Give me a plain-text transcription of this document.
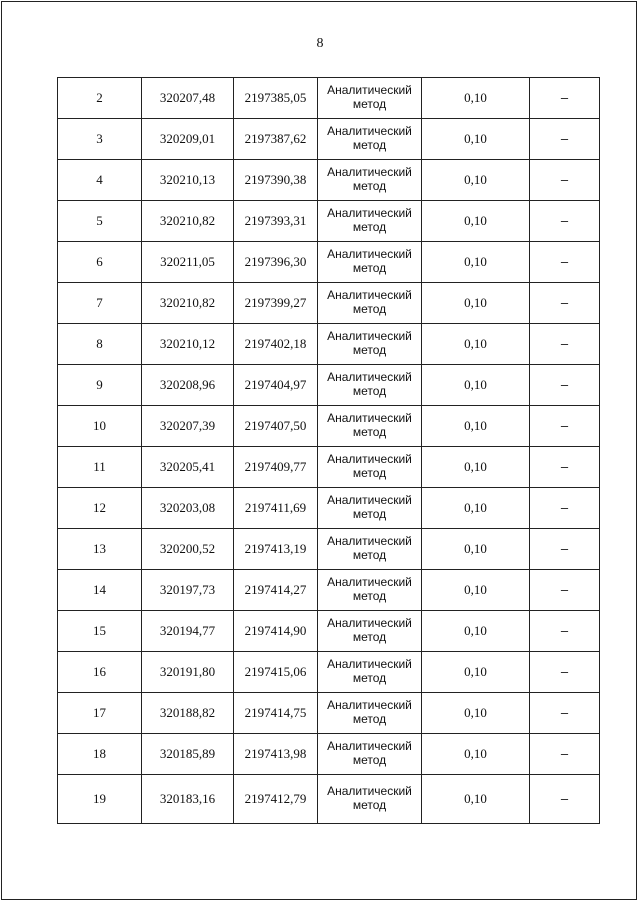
8
2	320207,48	2197385,05	Аналитический
метод	0,10	–
3	320209,01	2197387,62	Аналитический
метод	0,10	–
4	320210,13	2197390,38	Аналитический
метод	0,10	–
5	320210,82	2197393,31	Аналитический
метод	0,10	–
6	320211,05	2197396,30	Аналитический
метод	0,10	–
7	320210,82	2197399,27	Аналитический
метод	0,10	–
8	320210,12	2197402,18	Аналитический
метод	0,10	–
9	320208,96	2197404,97	Аналитический
метод	0,10	–
10	320207,39	2197407,50	Аналитический
метод	0,10	–
11	320205,41	2197409,77	Аналитический
метод	0,10	–
12	320203,08	2197411,69	Аналитический
метод	0,10	–
13	320200,52	2197413,19	Аналитический
метод	0,10	–
14	320197,73	2197414,27	Аналитический
метод	0,10	–
15	320194,77	2197414,90	Аналитический
метод	0,10	–
16	320191,80	2197415,06	Аналитический
метод	0,10	–
17	320188,82	2197414,75	Аналитический
метод	0,10	–
18	320185,89	2197413,98	Аналитический
метод	0,10	–
19	320183,16	2197412,79	Аналитический
метод	0,10	–
